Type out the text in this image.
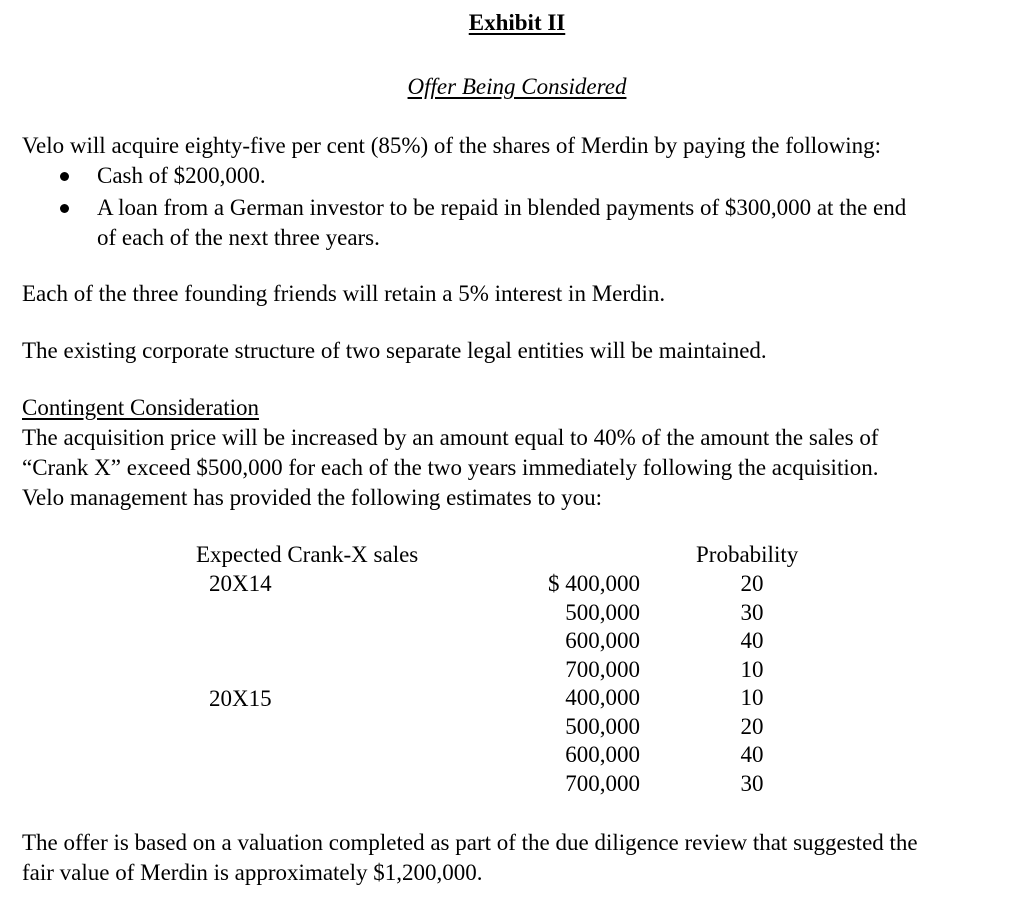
Exhibit II
Offer Being Considered
Velo will acquire eighty-five per cent (85%) of the shares of Merdin by paying the following:
Cash of $200,000.
A loan from a German investor to be repaid in blended payments of $300,000 at the end
of each of the next three years.
Each of the three founding friends will retain a 5% interest in Merdin.
The existing corporate structure of two separate legal entities will be maintained.
Contingent Consideration
The acquisition price will be increased by an amount equal to 40% of the amount the sales of
“Crank X” exceed $500,000 for each of the two years immediately following the acquisition.
Velo management has provided the following estimates to you:
Expected Crank-X sales	Probability
20X14
20X15
$ 400,000
500,000
600,000
700,000
400,000
500,000
600,000
700,000
20
30
40
10
10
20
40
30
The offer is based on a valuation completed as part of the due diligence review that suggested the
fair value of Merdin is approximately $1,200,000.
